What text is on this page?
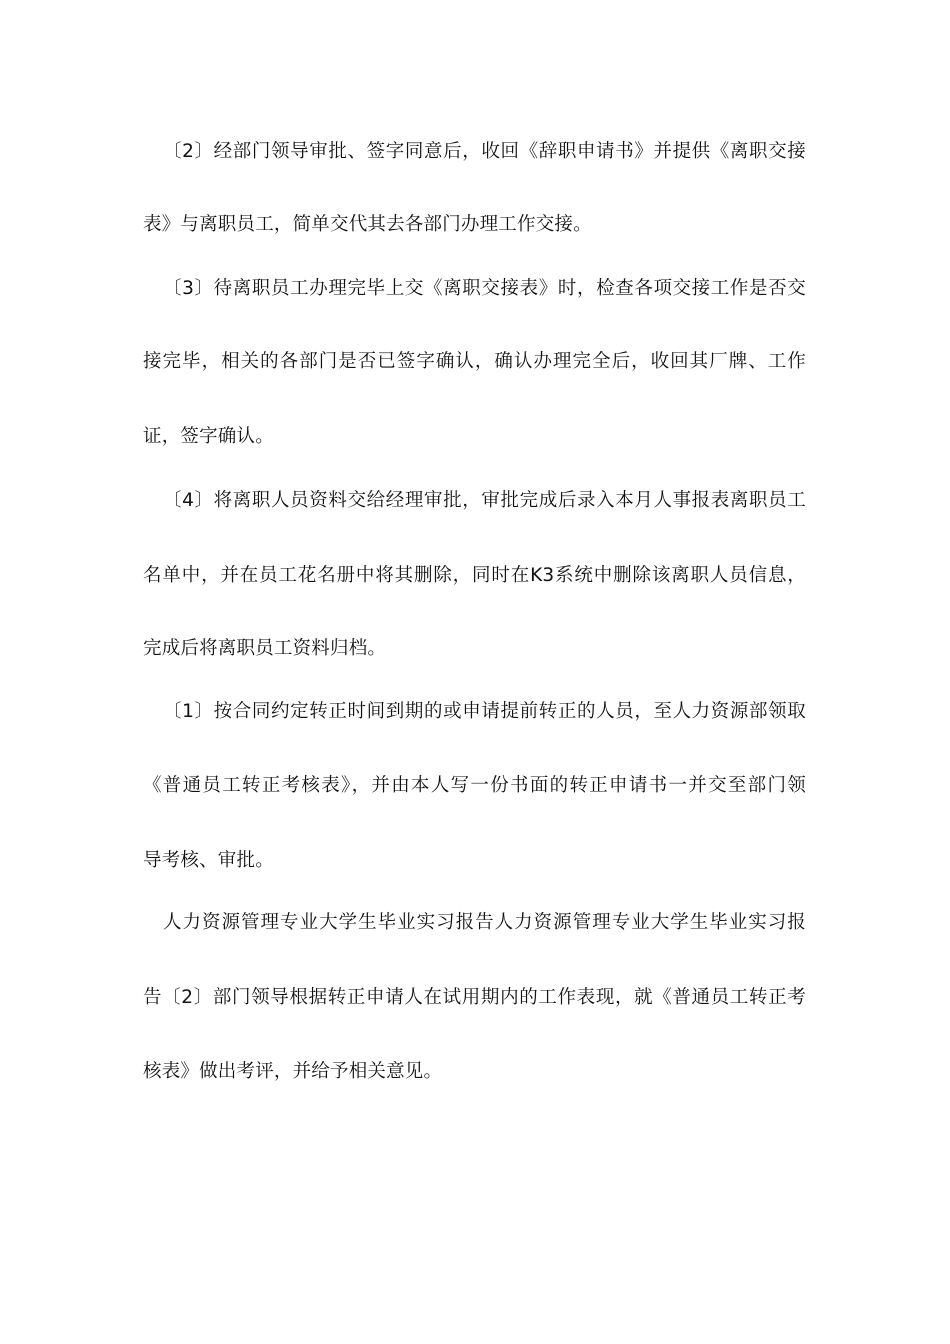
〔2〕经部门领导审批、签字同意后，收回《辞职申请书》并提供《离职交接
表》与离职员工，简单交代其去各部门办理工作交接。
〔3〕待离职员工办理完毕上交《离职交接表》时，检查各项交接工作是否交
接完毕，相关的各部门是否已签字确认，确认办理完全后，收回其厂牌、工作
证，签字确认。
〔4〕将离职人员资料交给经理审批，审批完成后录入本月人事报表离职员工
名单中，并在员工花名册中将其删除，同时在K3系统中删除该离职人员信息，
完成后将离职员工资料归档。
〔1〕按合同约定转正时间到期的或申请提前转正的人员，至人力资源部领取
《普通员工转正考核表》，并由本人写一份书面的转正申请书一并交至部门领
导考核、审批。
人力资源管理专业大学生毕业实习报告人力资源管理专业大学生毕业实习报
告〔2〕部门领导根据转正申请人在试用期内的工作表现，就《普通员工转正考
核表》做出考评，并给予相关意见。
